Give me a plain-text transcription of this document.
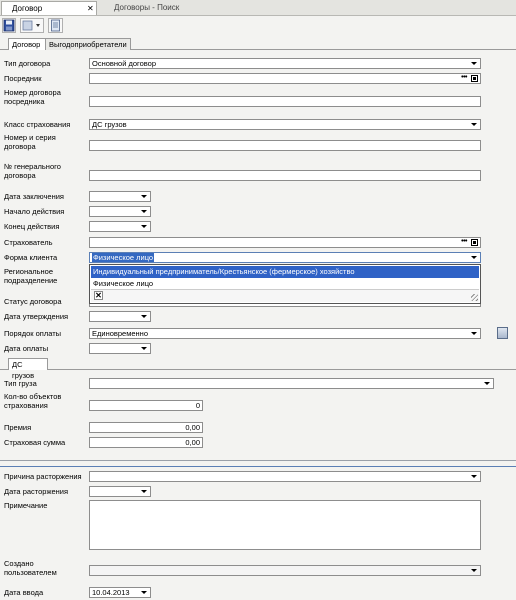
Договор	✕	Договоры - Поиск
Договор	Выгодоприобретатели
Тип договора	Основной договор
Посредник	•••
Номер договора посредника
Класс страхования	ДС грузов
Номер и серия договора
№ генерального договора
Дата заключения
Начало действия
Конец действия
Страхователь	•••
Форма клиента	Физическое лицо
Региональное подразделение
Статус договора
Дата утверждения
Порядок оплаты	Единовременно
Дата оплаты
Индивидуальный предприниматель/Крестьянское (фермерское) хозяйство
Физическое лицо
✕
ДС грузов
Тип груза
Кол-во объектов страхования	0
Премия	0,00
Страховая сумма	0,00
Причина расторжения
Дата расторжения
Примечание
Создано пользователем
Дата ввода	10.04.2013
